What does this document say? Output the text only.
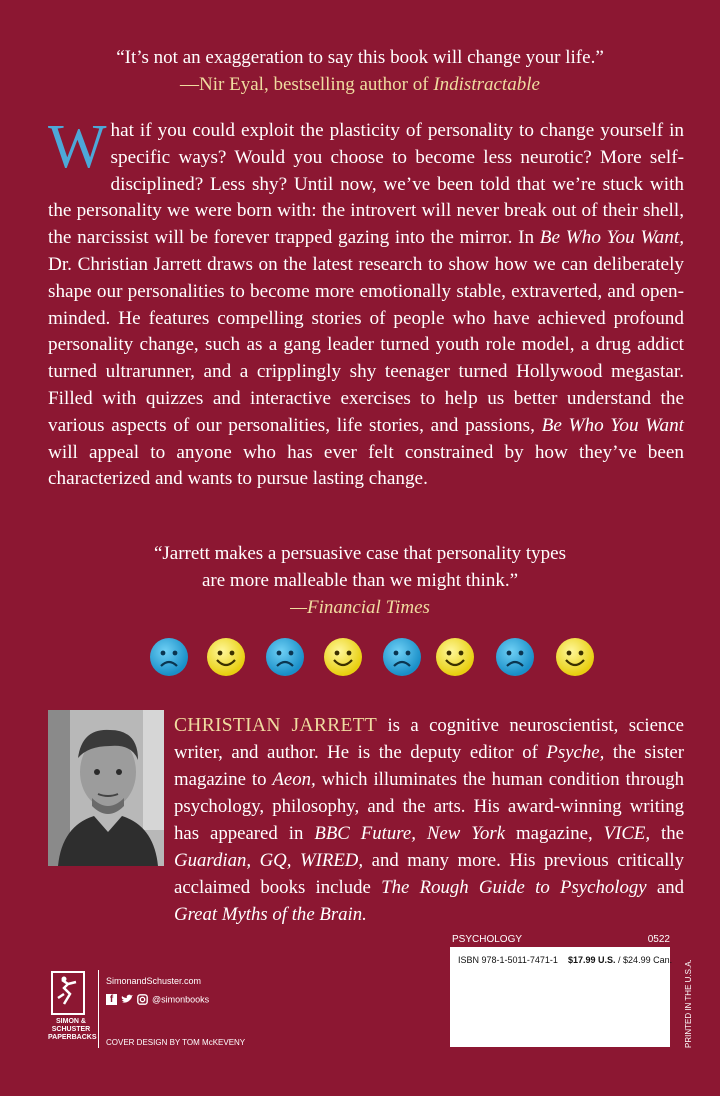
“It’s not an exaggeration to say this book will change your life.”
—Nir Eyal, bestselling author of Indistractable
W hat if you could exploit the plasticity of personality to change yourself in specific ways? Would you choose to become less neurotic? More self- disciplined? Less shy? Until now, we’ve been told that we’re stuck with the personality we were born with: the introvert will never break out of their shell, the narcissist will be forever trapped gazing into the mirror. In Be Who You Want, Dr. Christian Jarrett draws on the latest research to show how we can deliberately shape our personalities to become more emotionally stable, extraverted, and open-minded. He features compelling stories of people who have achieved profound personality change, such as a gang leader turned youth role model, a drug addict turned ultrarunner, and a cripplingly shy teenager turned Hollywood megastar. Filled with quizzes and interactive exercises to help us better understand the various aspects of our personalities, life stories, and passions, Be Who You Want will appeal to anyone who has ever felt constrained by how they’ve been characterized and wants to pursue lasting change.
“Jarrett makes a persuasive case that personality types
are more malleable than we might think.”
—Financial Times
CHRISTIAN JARRETT is a cognitive neuroscientist, science writer, and author. He is the deputy editor of Psyche, the sister magazine to Aeon, which illuminates the human condition through psychology, philosophy, and the arts. His award-winning writing has appeared in BBC Future, New York magazine, VICE, the Guardian, GQ, WIRED, and many more. His previous critically acclaimed books include The Rough Guide to Psychology and Great Myths of the Brain.
PSYCHOLOGY	0522
ISBN 978-1-5011-7471-1 $17.99 U.S. / $24.99 Can. PRINTED IN THE U.S.A.
SIMON &
SCHUSTER
PAPERBACKS
SimonandSchuster.com
f	@simonbooks
COVER DESIGN BY TOM McKEVENY
